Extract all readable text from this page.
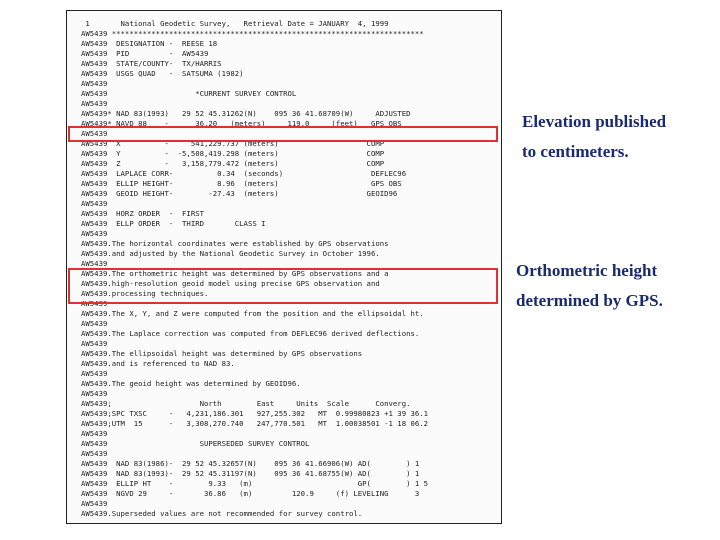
1       National Geodetic Survey,   Retrieval Date = JANUARY  4, 1999
AW5439 ***********************************************************************
AW5439  DESIGNATION -  REESE 18
AW5439  PID         -  AW5439
AW5439  STATE/COUNTY-  TX/HARRIS
AW5439  USGS QUAD   -  SATSUMA (1982)
AW5439
AW5439                    *CURRENT SURVEY CONTROL
AW5439
AW5439* NAD 83(1993)   29 52 45.31262(N)    095 36 41.68709(W)     ADJUSTED
AW5439* NAVD 88    -      36.20   (meters)     119.0     (feet)   GPS OBS
AW5439
AW5439  X          -     541,229.737 (meters)                    COMP
AW5439  Y          -  -5,508,419.298 (meters)                    COMP
AW5439  Z          -   3,158,779.472 (meters)                    COMP
AW5439  LAPLACE CORR-          0.34  (seconds)                    DEFLEC96
AW5439  ELLIP HEIGHT-          8.96  (meters)                     GPS OBS
AW5439  GEOID HEIGHT-        -27.43  (meters)                    GEOID96
AW5439
AW5439  HORZ ORDER  -  FIRST
AW5439  ELLP ORDER  -  THIRD       CLASS I
AW5439
AW5439.The horizontal coordinates were established by GPS observations
AW5439.and adjusted by the National Geodetic Survey in October 1996.
AW5439
AW5439.The orthometric height was determined by GPS observations and a
AW5439.high-resolution geoid model using precise GPS observation and
AW5439.processing techniques.
AW5439
AW5439.The X, Y, and Z were computed from the position and the ellipsoidal ht.
AW5439
AW5439.The Laplace correction was computed from DEFLEC96 derived deflections.
AW5439
AW5439.The ellipsoidal height was determined by GPS observations
AW5439.and is referenced to NAD 83.
AW5439
AW5439.The geoid height was determined by GEOID96.
AW5439
AW5439;                    North        East     Units  Scale      Converg.
AW5439;SPC TXSC     -   4,231,186.301   927,255.302   MT  0.99980823 +1 39 36.1
AW5439;UTM  15      -   3,308,270.740   247,770.501   MT  1.00038501 -1 18 06.2
AW5439
AW5439                     SUPERSEDED SURVEY CONTROL
AW5439
AW5439  NAD 83(1986)-  29 52 45.32657(N)    095 36 41.66906(W) AD(        ) 1
AW5439  NAD 83(1993)-  29 52 45.31197(N)    095 36 41.68755(W) AD(        ) 1
AW5439  ELLIP HT    -        9.33   (m)                        GP(        ) 1 5
AW5439  NGVD 29     -       36.86   (m)         120.9     (f) LEVELING      3
AW5439
AW5439.Superseded values are not recommended for survey control.
Elevation published
to centimeters.
Orthometric height
determined by GPS.
